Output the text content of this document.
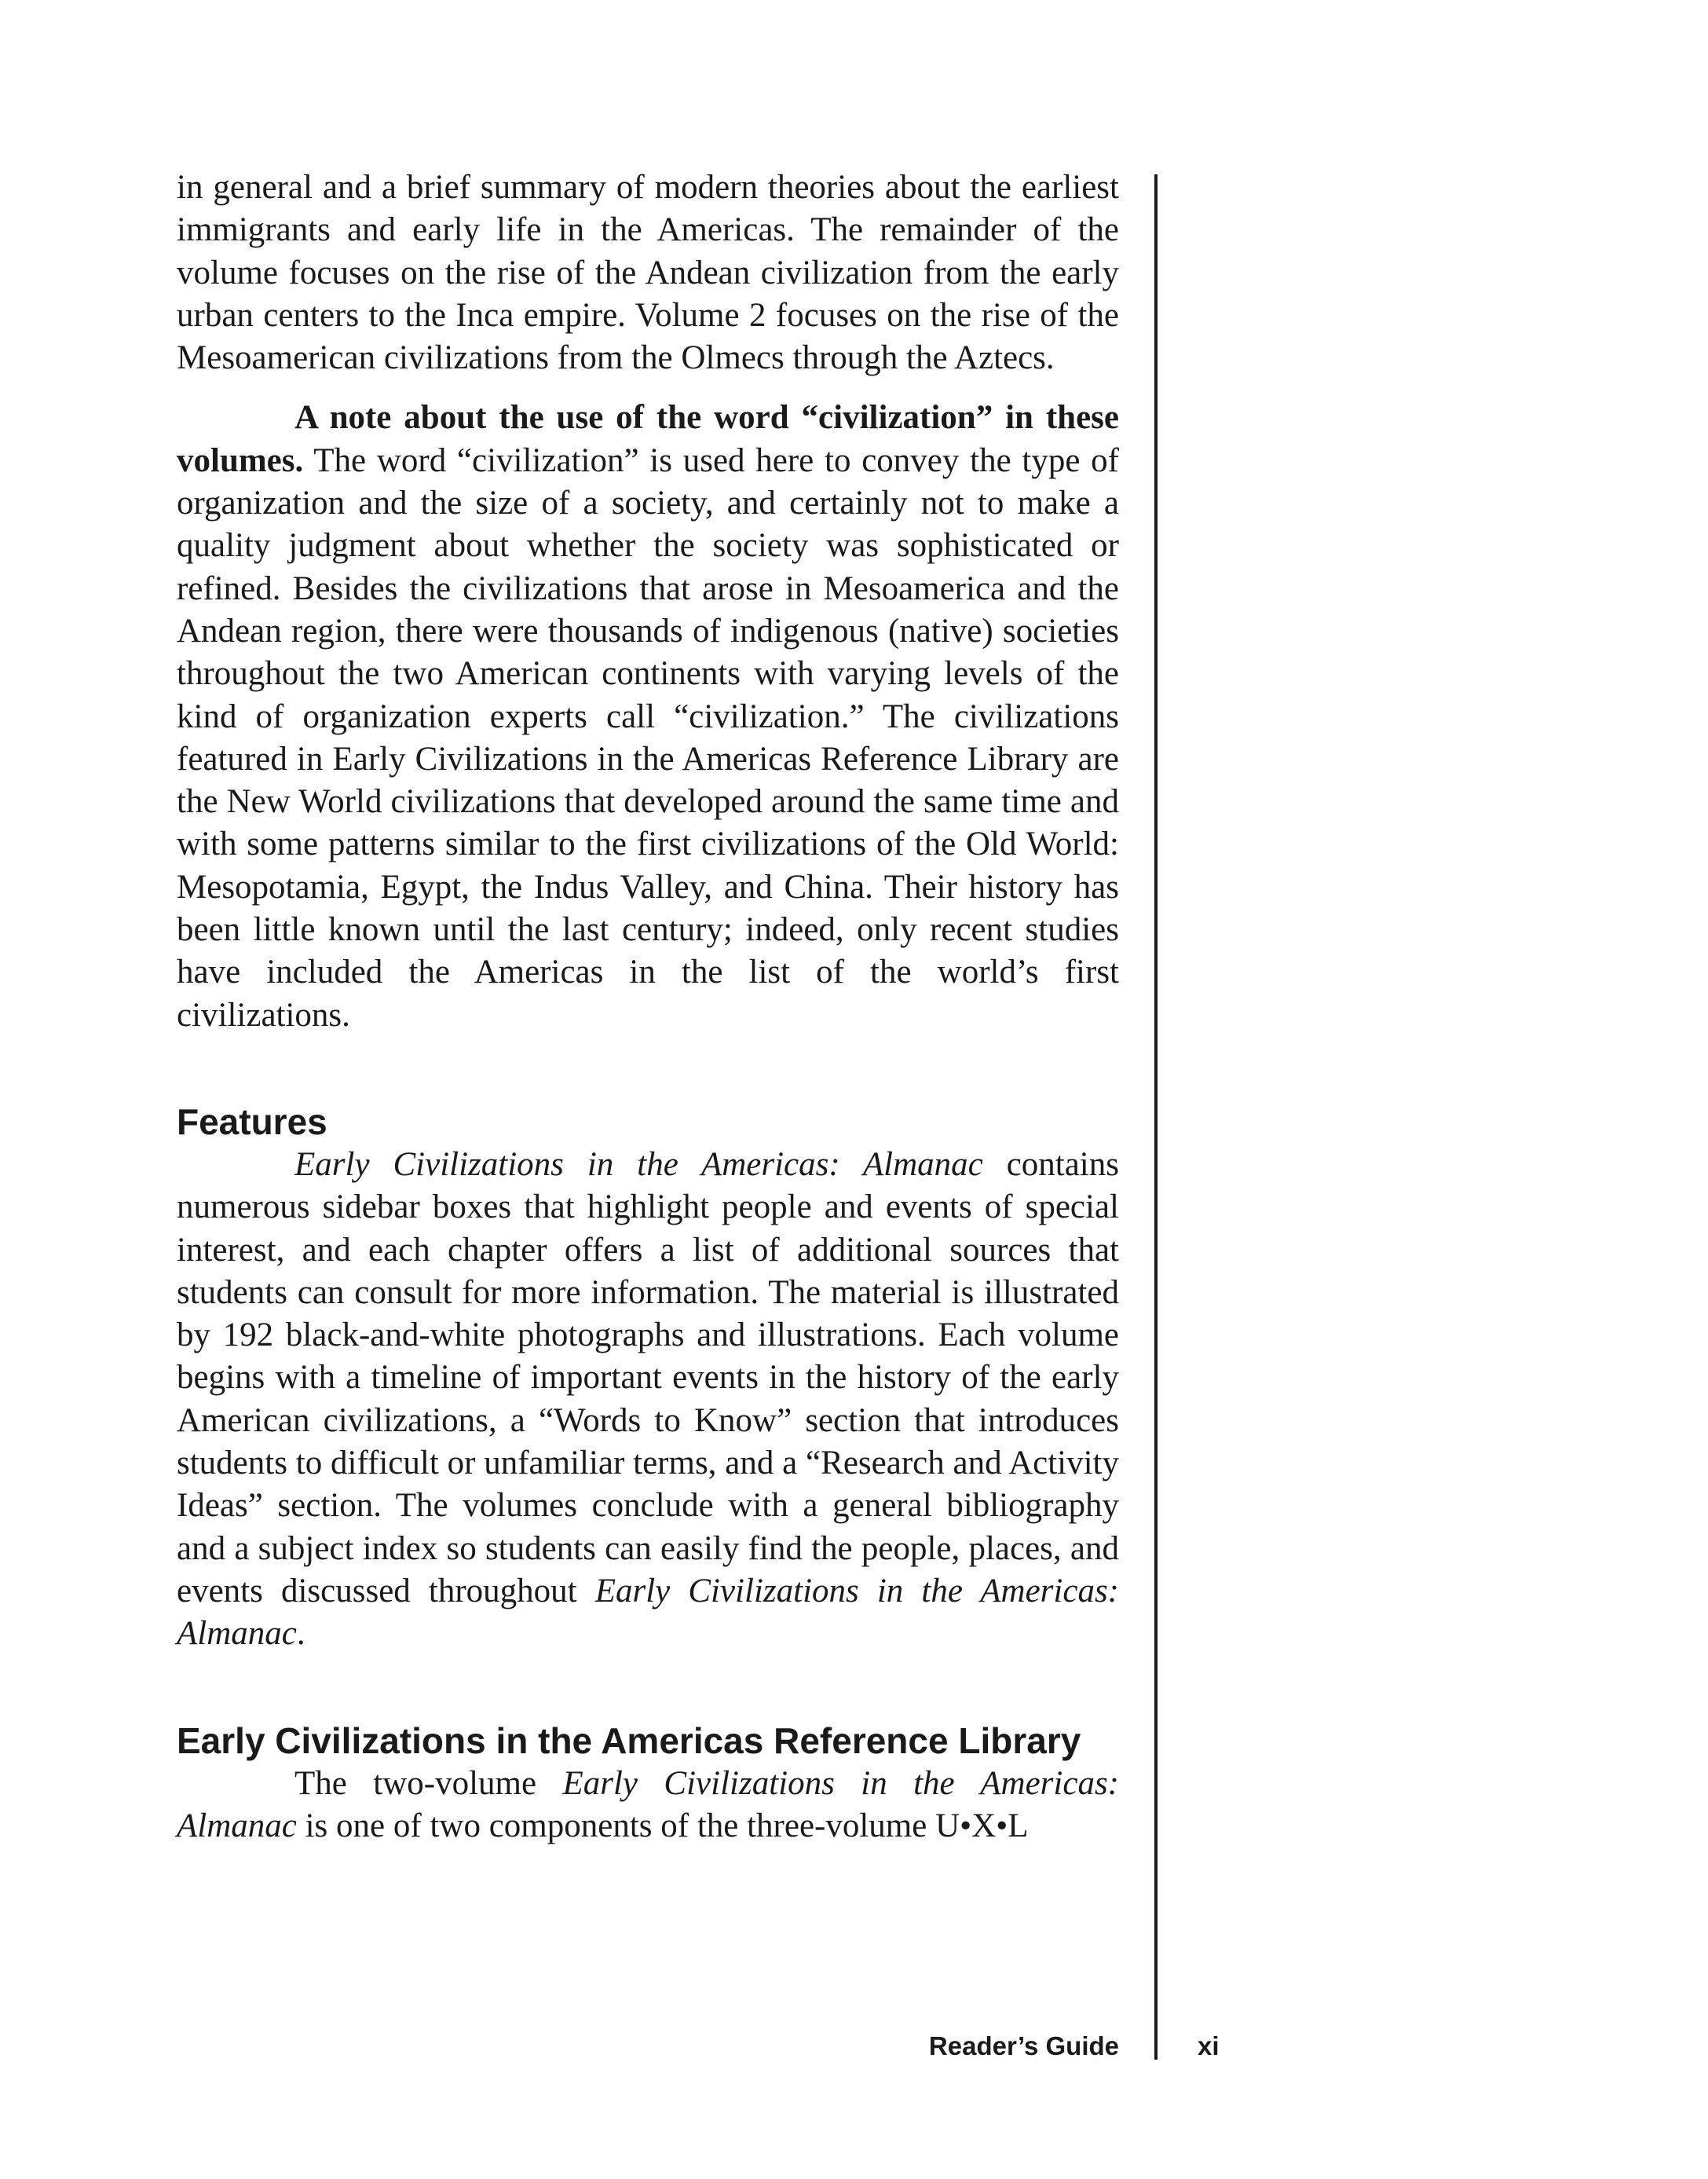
in general and a brief summary of modern theories about the earliest immigrants and early life in the Americas. The remainder of the volume focuses on the rise of the Andean civilization from the early urban centers to the Inca empire. Volume 2 focuses on the rise of the Mesoamerican civilizations from the Olmecs through the Aztecs.

A note about the use of the word “civilization” in these volumes. The word “civilization” is used here to convey the type of organization and the size of a society, and certainly not to make a quality judgment about whether the society was sophisticated or refined. Besides the civilizations that arose in Mesoamerica and the Andean region, there were thousands of indigenous (native) societies throughout the two American continents with varying levels of the kind of organization experts call “civilization.” The civilizations featured in Early Civilizations in the Americas Reference Library are the New World civilizations that developed around the same time and with some patterns similar to the first civilizations of the Old World: Mesopotamia, Egypt, the Indus Valley, and China. Their history has been little known until the last century; indeed, only recent studies have included the Americas in the list of the world’s first civilizations.

Features

Early Civilizations in the Americas: Almanac contains numerous sidebar boxes that highlight people and events of special interest, and each chapter offers a list of additional sources that students can consult for more information. The material is illustrated by 192 black-and-white photographs and illustrations. Each volume begins with a timeline of important events in the history of the early American civilizations, a “Words to Know” section that introduces students to difficult or unfamiliar terms, and a “Research and Activity Ideas” section. The volumes conclude with a general bibliography and a subject index so students can easily find the people, places, and events discussed throughout Early Civilizations in the Americas: Almanac.

Early Civilizations in the Americas Reference Library

The two-volume Early Civilizations in the Americas: Almanac is one of two components of the three-volume U•X•L

Reader’s Guide	xi
